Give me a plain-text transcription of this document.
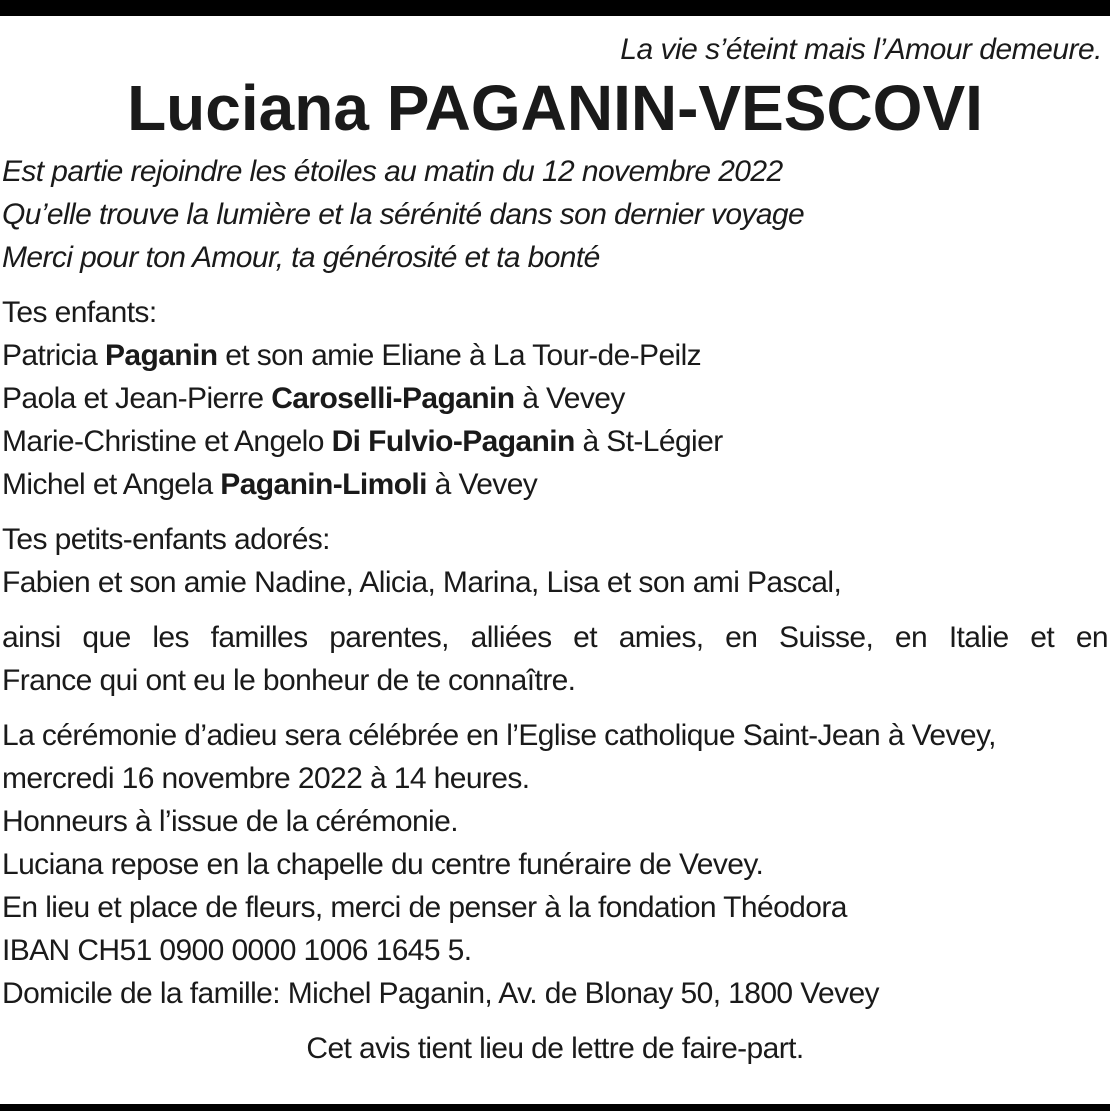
La vie s’éteint mais l’Amour demeure.

Luciana PAGANIN-VESCOVI
Est partie rejoindre les étoiles au matin du 12 novembre 2022
Qu’elle trouve la lumière et la sérénité dans son dernier voyage
Merci pour ton Amour, ta générosité et ta bonté
Tes enfants:
Patricia Paganin et son amie Eliane à La Tour-de-Peilz
Paola et Jean-Pierre Caroselli-Paganin à Vevey
Marie-Christine et Angelo Di Fulvio-Paganin à St-Légier
Michel et Angela Paganin-Limoli à Vevey
Tes petits-enfants adorés:
Fabien et son amie Nadine, Alicia, Marina, Lisa et son ami Pascal,
ainsi que les familles parentes, alliées et amies, en Suisse, en Italie et en
France qui ont eu le bonheur de te connaître.
La cérémonie d’adieu sera célébrée en l’Eglise catholique Saint-Jean à Vevey,
mercredi 16 novembre 2022 à 14 heures.
Honneurs à l’issue de la cérémonie.
Luciana repose en la chapelle du centre funéraire de Vevey.
En lieu et place de fleurs, merci de penser à la fondation Théodora
IBAN CH51 0900 0000 1006 1645 5.
Domicile de la famille: Michel Paganin, Av. de Blonay 50, 1800 Vevey

Cet avis tient lieu de lettre de faire-part.
